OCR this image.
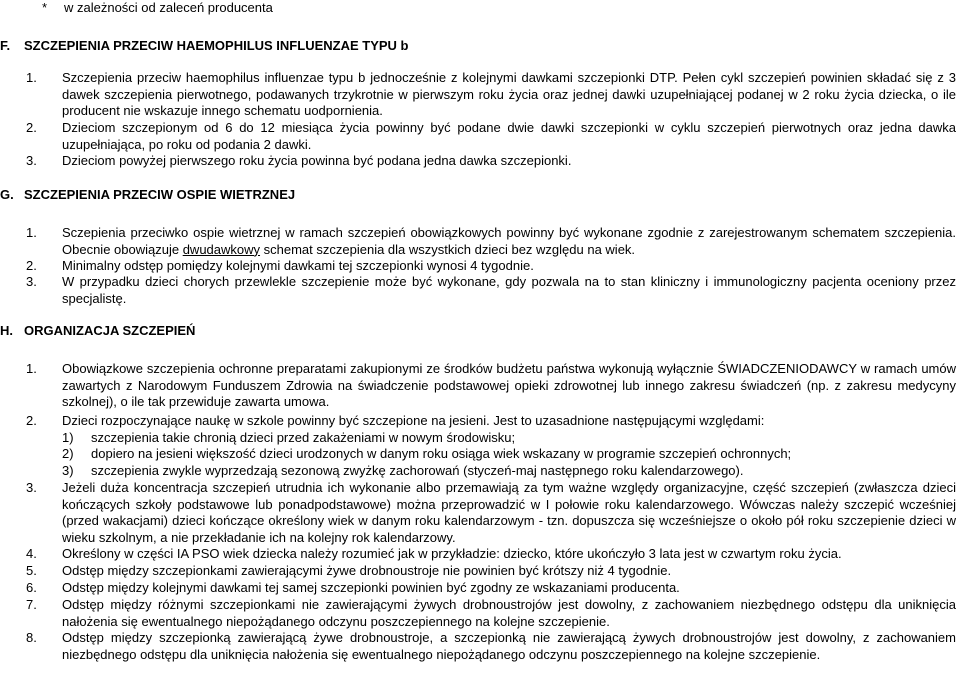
* w zależności od zaleceń producenta
F. SZCZEPIENIA PRZECIW HAEMOPHILUS INFLUENZAE TYPU b
1.	Szczepienia przeciw haemophilus influenzae typu b jednocześnie z kolejnymi dawkami szczepionki DTP. Pełen cykl szczepień powinien składać się z 3 dawek szczepienia pierwotnego, podawanych trzykrotnie w pierwszym roku życia oraz jednej dawki uzupełniającej podanej w 2 roku życia dziecka, o ile producent nie wskazuje innego schematu uodpornienia.
2.	Dzieciom szczepionym od 6 do 12 miesiąca życia powinny być podane dwie dawki szczepionki w cyklu szczepień pierwotnych oraz jedna dawka uzupełniająca, po roku od podania 2 dawki.
3.	Dzieciom powyżej pierwszego roku życia powinna być podana jedna dawka szczepionki.
G. SZCZEPIENIA PRZECIW OSPIE WIETRZNEJ
1.	Sczepienia przeciwko ospie wietrznej w ramach szczepień obowiązkowych powinny być wykonane zgodnie z zarejestrowanym schematem szczepienia. Obecnie obowiązuje dwudawkowy schemat szczepienia dla wszystkich dzieci bez względu na wiek.
2.	Minimalny odstęp pomiędzy kolejnymi dawkami tej szczepionki wynosi 4 tygodnie.
3.	W przypadku dzieci chorych przewlekle szczepienie może być wykonane, gdy pozwala na to stan kliniczny i immunologiczny pacjenta oceniony przez specjalistę.
H. ORGANIZACJA SZCZEPIEŃ
1.	Obowiązkowe szczepienia ochronne preparatami zakupionymi ze środków budżetu państwa wykonują wyłącznie ŚWIADCZENIODAWCY w ramach umów zawartych z Narodowym Funduszem Zdrowia na świadczenie podstawowej opieki zdrowotnej lub innego zakresu świadczeń (np. z zakresu medycyny szkolnej), o ile tak przewiduje zawarta umowa.
2.	Dzieci rozpoczynające naukę w szkole powinny być szczepione na jesieni. Jest to uzasadnione następującymi względami:
1)	szczepienia takie chronią dzieci przed zakażeniami w nowym środowisku;
2)	dopiero na jesieni większość dzieci urodzonych w danym roku osiąga wiek wskazany w programie szczepień ochronnych;
3)	szczepienia zwykle wyprzedzają sezonową zwyżkę zachorowań (styczeń-maj następnego roku kalendarzowego).
3.	Jeżeli duża koncentracja szczepień utrudnia ich wykonanie albo przemawiają za tym ważne względy organizacyjne, część szczepień (zwłaszcza dzieci kończących szkoły podstawowe lub ponadpodstawowe) można przeprowadzić w I połowie roku kalendarzowego. Wówczas należy szczepić wcześniej (przed wakacjami) dzieci kończące określony wiek w danym roku kalendarzowym - tzn. dopuszcza się wcześniejsze o około pół roku szczepienie dzieci w wieku szkolnym, a nie przekładanie ich na kolejny rok kalendarzowy.
4.	Określony w części IA PSO wiek dziecka należy rozumieć jak w przykładzie: dziecko, które ukończyło 3 lata jest w czwartym roku życia.
5.	Odstęp między szczepionkami zawierającymi żywe drobnoustroje nie powinien być krótszy niż 4 tygodnie.
6.	Odstęp między kolejnymi dawkami tej samej szczepionki powinien być zgodny ze wskazaniami producenta.
7.	Odstęp między różnymi szczepionkami nie zawierającymi żywych drobnoustrojów jest dowolny, z zachowaniem niezbędnego odstępu dla uniknięcia nałożenia się ewentualnego niepożądanego odczynu poszczepiennego na kolejne szczepienie.
8.	Odstęp między szczepionką zawierającą żywe drobnoustroje, a szczepionką nie zawierającą żywych drobnoustrojów jest dowolny, z zachowaniem niezbędnego odstępu dla uniknięcia nałożenia się ewentualnego niepożądanego odczynu poszczepiennego na kolejne szczepienie.
